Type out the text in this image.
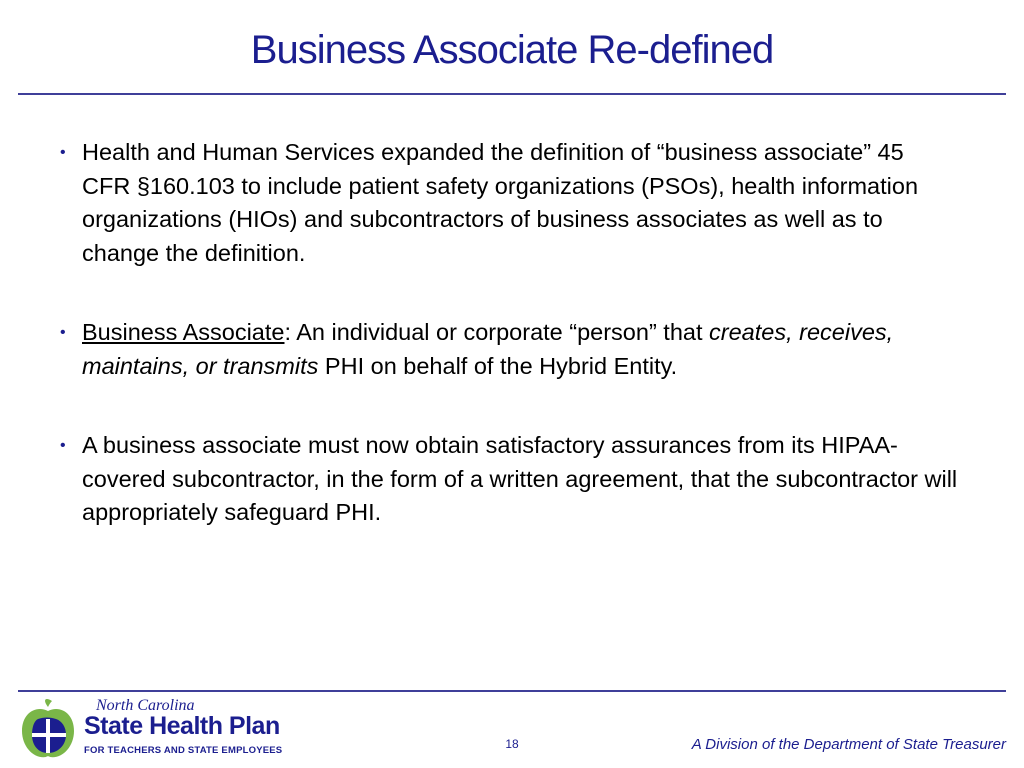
Business Associate Re-defined
• Health and Human Services expanded the definition of “business associate” 45 CFR §160.103 to include patient safety organizations (PSOs), health information organizations (HIOs) and subcontractors of business associates as well as to change the definition.
• Business Associate: An individual or corporate “person” that creates, receives, maintains, or transmits PHI on behalf of the Hybrid Entity.
• A business associate must now obtain satisfactory assurances from its HIPAA-covered subcontractor, in the form of a written agreement, that the subcontractor will appropriately safeguard PHI.
North Carolina
State Health Plan
FOR TEACHERS AND STATE EMPLOYEES	18	A Division of the Department of State Treasurer
